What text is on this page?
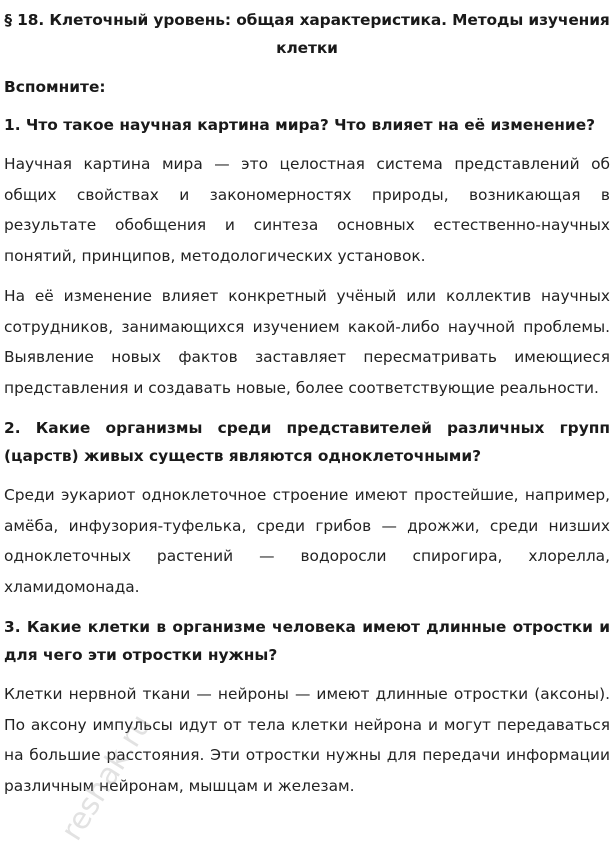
§ 18. Клеточный уровень: общая характеристика. Методы изучения клетки
Вспомните:
1. Что такое научная картина мира? Что влияет на её изменение?

Научная картина мира — это целостная система представлений об общих свойствах и закономерностях природы, возникающая в результате обобщения и синтеза основных естественно-научных понятий, принципов, методологических установок.

На её изменение влияет конкретный учёный или коллектив научных сотрудников, занимающихся изучением какой-либо научной проблемы. Выявление новых фактов заставляет пересматривать имеющиеся представления и создавать новые, более соответствующие реальности.

2. Какие организмы среди представителей различных групп (царств) живых существ являются одноклеточными?

Среди эукариот одноклеточное строение имеют простейшие, например, амёба, инфузория-туфелька, среди грибов — дрожжи, среди низших одноклеточных растений — водоросли спирогира, хлорелла, хламидомонада.

3. Какие клетки в организме человека имеют длинные отростки и для чего эти отростки нужны?

Клетки нервной ткани — нейроны — имеют длинные отростки (аксоны). По аксону импульсы идут от тела клетки нейрона и могут передаваться на большие расстояния. Эти отростки нужны для передачи информации различным нейронам, мышцам и железам.

reshak.ru
